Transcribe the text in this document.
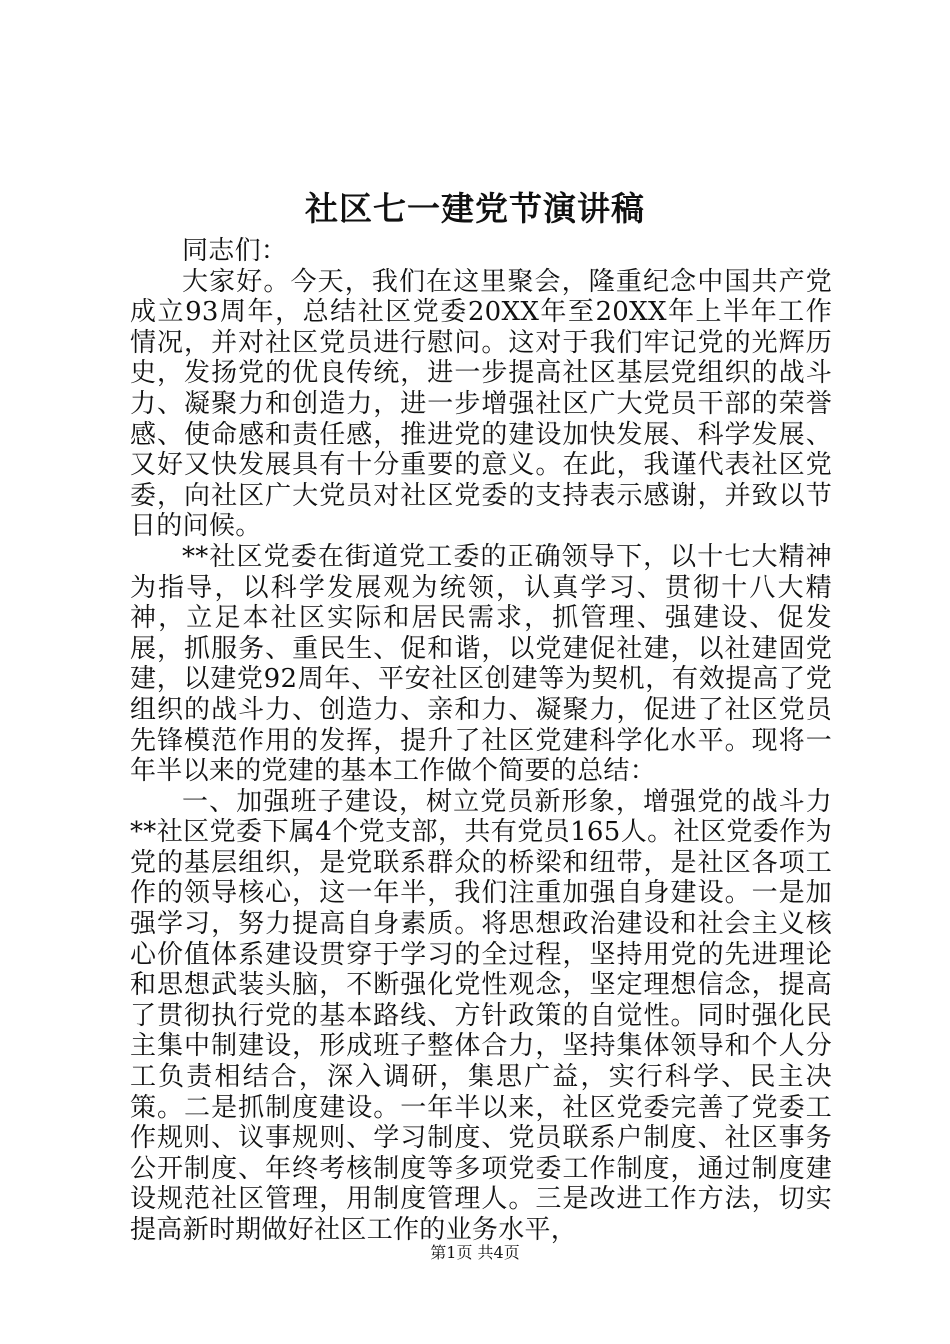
社区七一建党节演讲稿

同志们：

大家好。今天，我们在这里聚会，隆重纪念中国共产党成立93周年，总结社区党委20XX年至20XX年上半年工作情况，并对社区党员进行慰问。这对于我们牢记党的光辉历史，发扬党的优良传统，进一步提高社区基层党组织的战斗力、凝聚力和创造力，进一步增强社区广大党员干部的荣誉感、使命感和责任感，推进党的建设加快发展、科学发展、又好又快发展具有十分重要的意义。在此，我谨代表社区党委，向社区广大党员对社区党委的支持表示感谢，并致以节日的问候。

**社区党委在街道党工委的正确领导下，以十七大精神为指导，以科学发展观为统领，认真学习、贯彻十八大精神，立足本社区实际和居民需求，抓管理、强建设、促发展，抓服务、重民生、促和谐，以党建促社建，以社建固党建，以建党92周年、平安社区创建等为契机，有效提高了党组织的战斗力、创造力、亲和力、凝聚力，促进了社区党员先锋模范作用的发挥，提升了社区党建科学化水平。现将一年半以来的党建的基本工作做个简要的总结：

一、加强班子建设，树立党员新形象，增强党的战斗力**社区党委下属4个党支部，共有党员165人。社区党委作为党的基层组织，是党联系群众的桥梁和纽带，是社区各项工作的领导核心，这一年半，我们注重加强自身建设。一是加强学习，努力提高自身素质。将思想政治建设和社会主义核心价值体系建设贯穿于学习的全过程，坚持用党的先进理论和思想武装头脑，不断强化党性观念，坚定理想信念，提高了贯彻执行党的基本路线、方针政策的自觉性。同时强化民主集中制建设，形成班子整体合力，坚持集体领导和个人分工负责相结合，深入调研，集思广益，实行科学、民主决策。二是抓制度建设。一年半以来，社区党委完善了党委工作规则、议事规则、学习制度、党员联系户制度、社区事务公开制度、年终考核制度等多项党委工作制度，通过制度建设规范社区管理，用制度管理人。三是改进工作方法，切实提高新时期做好社区工作的业务水平，

第1页 共4页
